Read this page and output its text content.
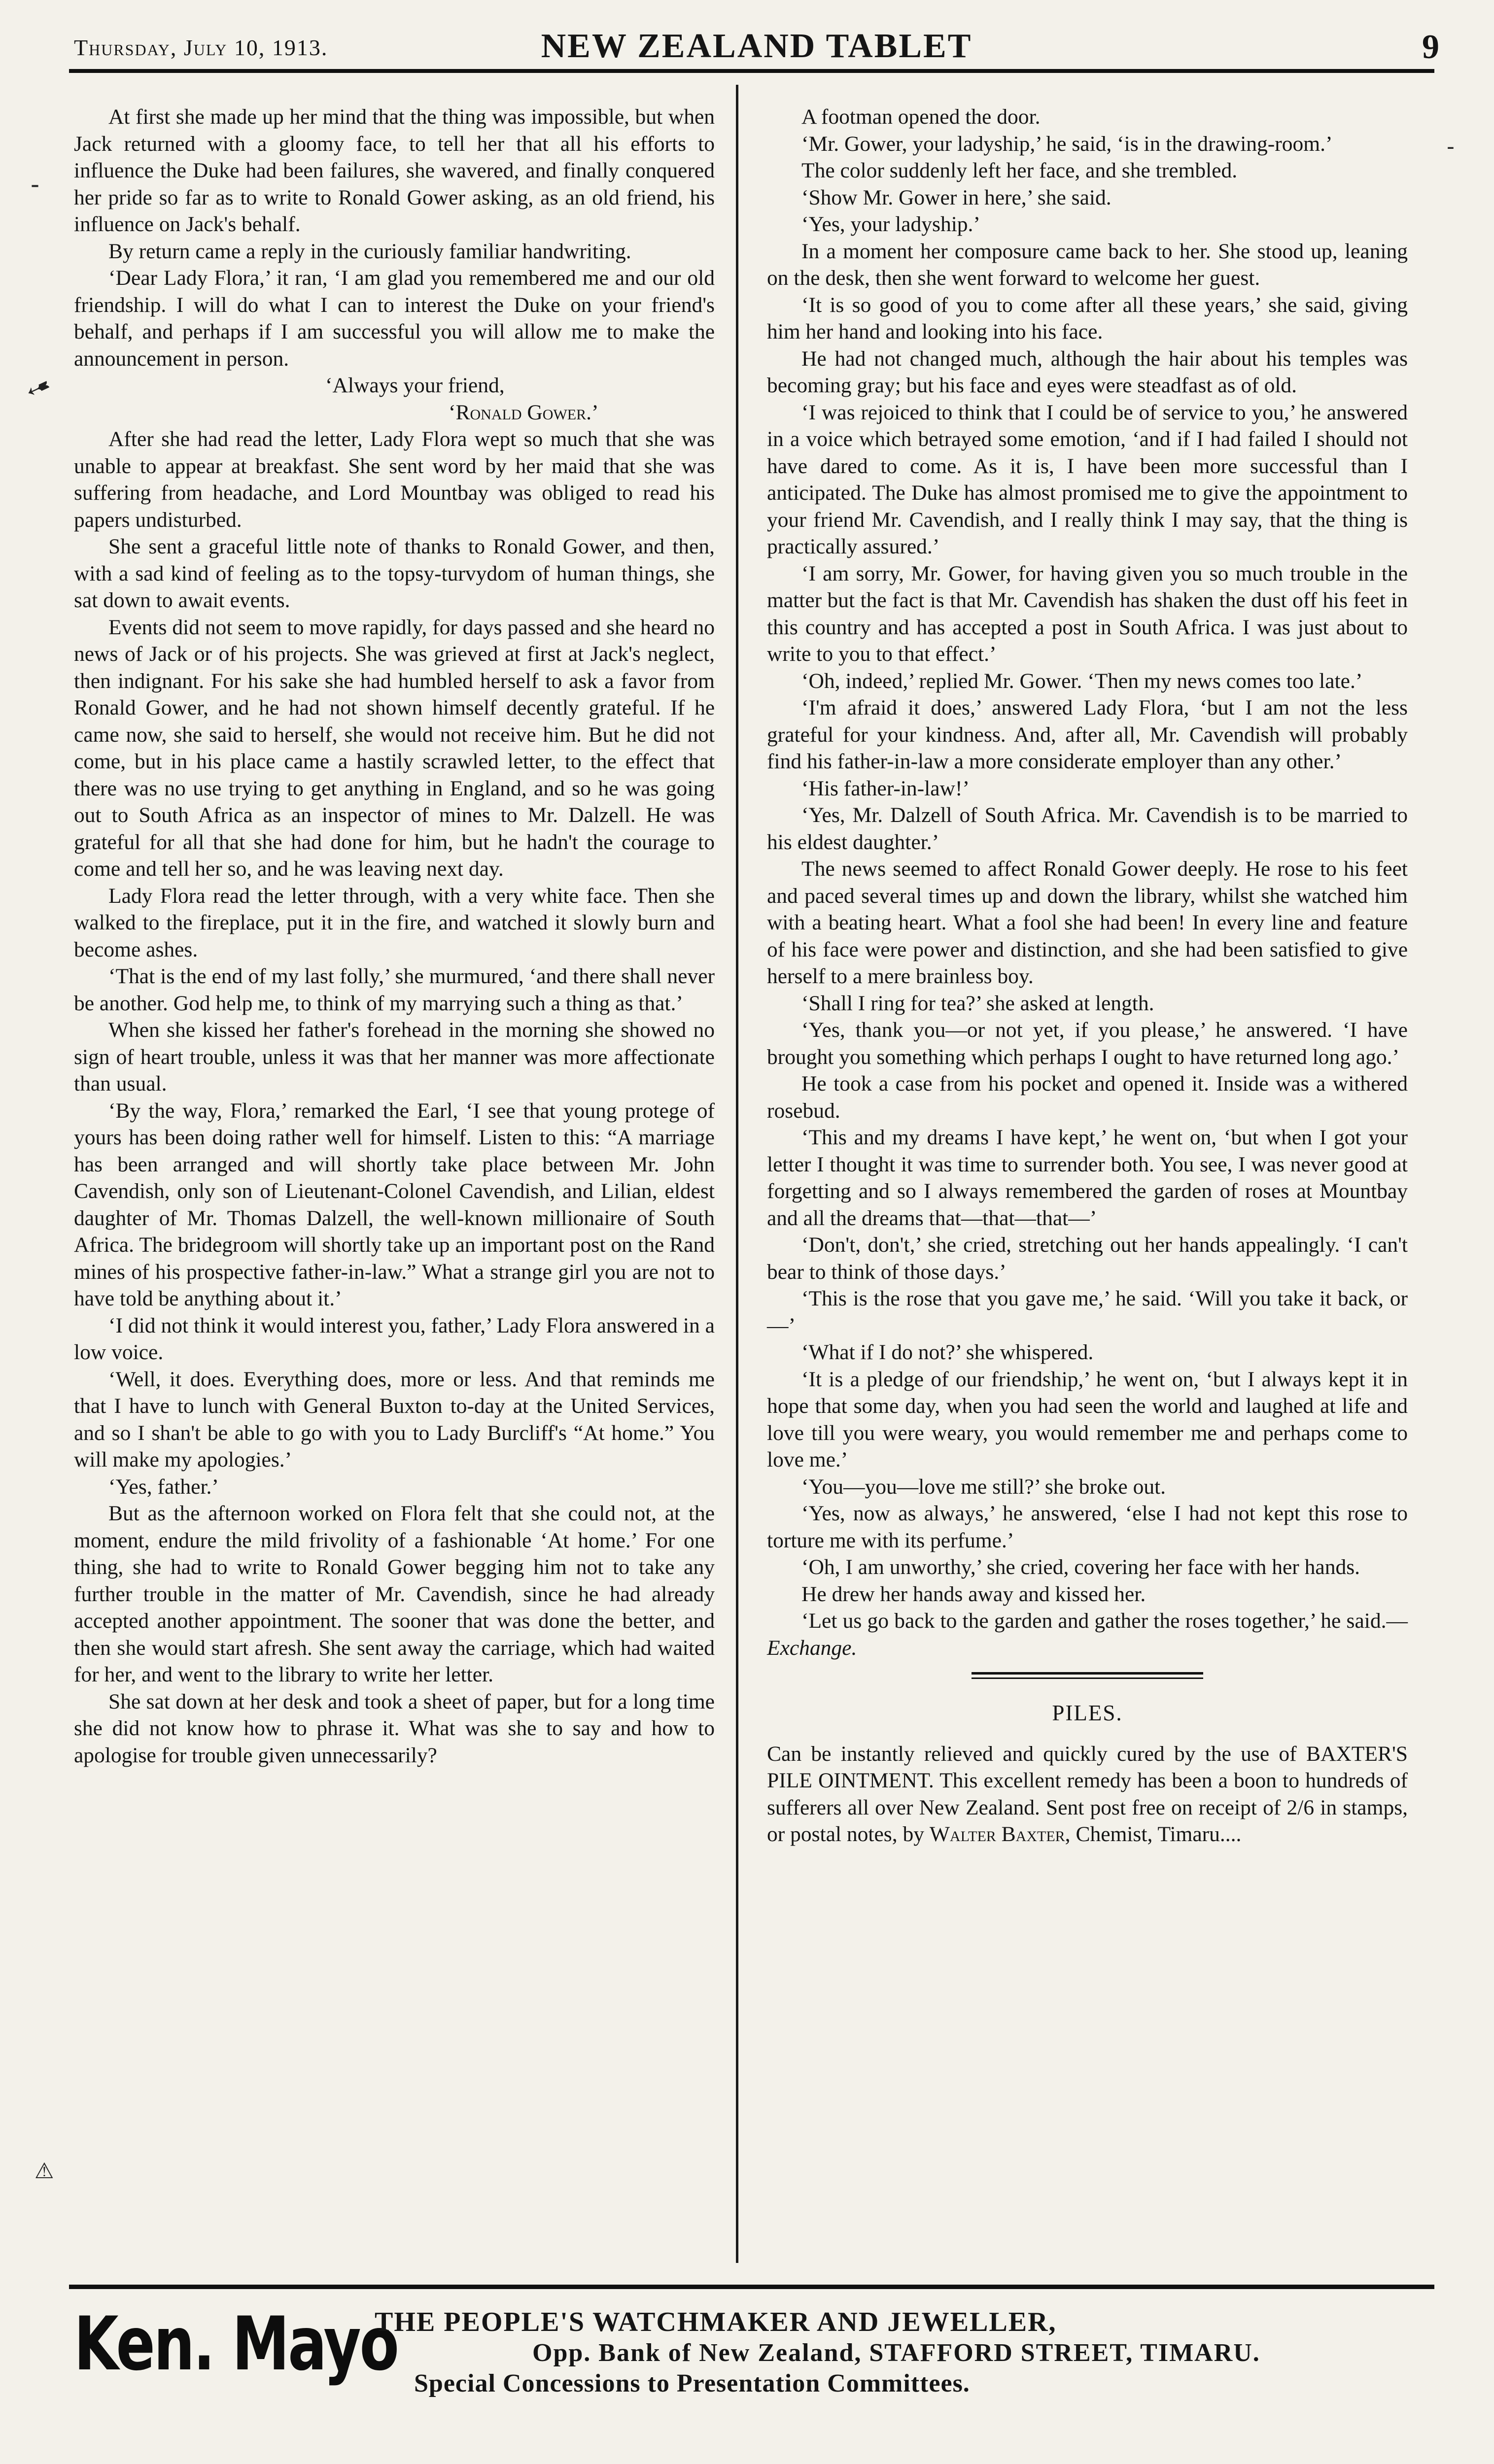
Thursday, July 10, 1913.	NEW ZEALAND TABLET	9

At first she made up her mind that the thing was impossible, but when Jack returned with a gloomy face, to tell her that all his efforts to influence the Duke had been failures, she wavered, and finally conquered her pride so far as to write to Ronald Gower asking, as an old friend, his influence on Jack's behalf.

By return came a reply in the curiously familiar handwriting.

‘Dear Lady Flora,’ it ran, ‘I am glad you remembered me and our old friendship. I will do what I can to interest the Duke on your friend's behalf, and perhaps if I am successful you will allow me to make the announcement in person.

‘Always your friend,

‘Ronald Gower.’

After she had read the letter, Lady Flora wept so much that she was unable to appear at breakfast. She sent word by her maid that she was suffering from headache, and Lord Mountbay was obliged to read his papers undisturbed.

She sent a graceful little note of thanks to Ronald Gower, and then, with a sad kind of feeling as to the topsy-turvydom of human things, she sat down to await events.

Events did not seem to move rapidly, for days passed and she heard no news of Jack or of his projects. She was grieved at first at Jack's neglect, then indignant. For his sake she had humbled herself to ask a favor from Ronald Gower, and he had not shown himself decently grateful. If he came now, she said to herself, she would not receive him. But he did not come, but in his place came a hastily scrawled letter, to the effect that there was no use trying to get anything in England, and so he was going out to South Africa as an inspector of mines to Mr. Dalzell. He was grateful for all that she had done for him, but he hadn't the courage to come and tell her so, and he was leaving next day.

Lady Flora read the letter through, with a very white face. Then she walked to the fireplace, put it in the fire, and watched it slowly burn and become ashes.

‘That is the end of my last folly,’ she murmured, ‘and there shall never be another. God help me, to think of my marrying such a thing as that.’

When she kissed her father's forehead in the morning she showed no sign of heart trouble, unless it was that her manner was more affectionate than usual.

‘By the way, Flora,’ remarked the Earl, ‘I see that young protege of yours has been doing rather well for himself. Listen to this: “A marriage has been arranged and will shortly take place between Mr. John Cavendish, only son of Lieutenant-Colonel Cavendish, and Lilian, eldest daughter of Mr. Thomas Dalzell, the well-known millionaire of South Africa. The bridegroom will shortly take up an important post on the Rand mines of his prospective father-in-law.” What a strange girl you are not to have told be anything about it.’

‘I did not think it would interest you, father,’ Lady Flora answered in a low voice.

‘Well, it does. Everything does, more or less. And that reminds me that I have to lunch with General Buxton to-day at the United Services, and so I shan't be able to go with you to Lady Burcliff's “At home.” You will make my apologies.’

‘Yes, father.’

But as the afternoon worked on Flora felt that she could not, at the moment, endure the mild frivolity of a fashionable ‘At home.’ For one thing, she had to write to Ronald Gower begging him not to take any further trouble in the matter of Mr. Cavendish, since he had already accepted another appointment. The sooner that was done the better, and then she would start afresh. She sent away the carriage, which had waited for her, and went to the library to write her letter.

She sat down at her desk and took a sheet of paper, but for a long time she did not know how to phrase it. What was she to say and how to apologise for trouble given unnecessarily?

A footman opened the door.

‘Mr. Gower, your ladyship,’ he said, ‘is in the drawing-room.’

The color suddenly left her face, and she trembled.

‘Show Mr. Gower in here,’ she said.

‘Yes, your ladyship.’

In a moment her composure came back to her. She stood up, leaning on the desk, then she went forward to welcome her guest.

‘It is so good of you to come after all these years,’ she said, giving him her hand and looking into his face.

He had not changed much, although the hair about his temples was becoming gray; but his face and eyes were steadfast as of old.

‘I was rejoiced to think that I could be of service to you,’ he answered in a voice which betrayed some emotion, ‘and if I had failed I should not have dared to come. As it is, I have been more successful than I anticipated. The Duke has almost promised me to give the appointment to your friend Mr. Cavendish, and I really think I may say, that the thing is practically assured.’

‘I am sorry, Mr. Gower, for having given you so much trouble in the matter but the fact is that Mr. Cavendish has shaken the dust off his feet in this country and has accepted a post in South Africa. I was just about to write to you to that effect.’

‘Oh, indeed,’ replied Mr. Gower. ‘Then my news comes too late.’

‘I'm afraid it does,’ answered Lady Flora, ‘but I am not the less grateful for your kindness. And, after all, Mr. Cavendish will probably find his father-in-law a more considerate employer than any other.’

‘His father-in-law!’

‘Yes, Mr. Dalzell of South Africa. Mr. Cavendish is to be married to his eldest daughter.’

The news seemed to affect Ronald Gower deeply. He rose to his feet and paced several times up and down the library, whilst she watched him with a beating heart. What a fool she had been! In every line and feature of his face were power and distinction, and she had been satisfied to give herself to a mere brainless boy.

‘Shall I ring for tea?’ she asked at length.

‘Yes, thank you—or not yet, if you please,’ he answered. ‘I have brought you something which perhaps I ought to have returned long ago.’

He took a case from his pocket and opened it. Inside was a withered rosebud.

‘This and my dreams I have kept,’ he went on, ‘but when I got your letter I thought it was time to surrender both. You see, I was never good at forgetting and so I always remembered the garden of roses at Mountbay and all the dreams that—that—that—’

‘Don't, don't,’ she cried, stretching out her hands appealingly. ‘I can't bear to think of those days.’

‘This is the rose that you gave me,’ he said. ‘Will you take it back, or—’

‘What if I do not?’ she whispered.

‘It is a pledge of our friendship,’ he went on, ‘but I always kept it in hope that some day, when you had seen the world and laughed at life and love till you were weary, you would remember me and perhaps come to love me.’

‘You—you—love me still?’ she broke out.

‘Yes, now as always,’ he answered, ‘else I had not kept this rose to torture me with its perfume.’

‘Oh, I am unworthy,’ she cried, covering her face with her hands.

He drew her hands away and kissed her.

‘Let us go back to the garden and gather the roses together,’ he said.—Exchange.

PILES.

Can be instantly relieved and quickly cured by the use of BAXTER'S PILE OINTMENT. This excellent remedy has been a boon to hundreds of sufferers all over New Zealand. Sent post free on receipt of 2/6 in stamps, or postal notes, by Walter Baxter, Chemist, Timaru....

Ken. Mayo
THE PEOPLE'S WATCHMAKER AND JEWELLER,
Opp. Bank of New Zealand, STAFFORD STREET, TIMARU.
Special Concessions to Presentation Committees.
-
➹
⚠
-
